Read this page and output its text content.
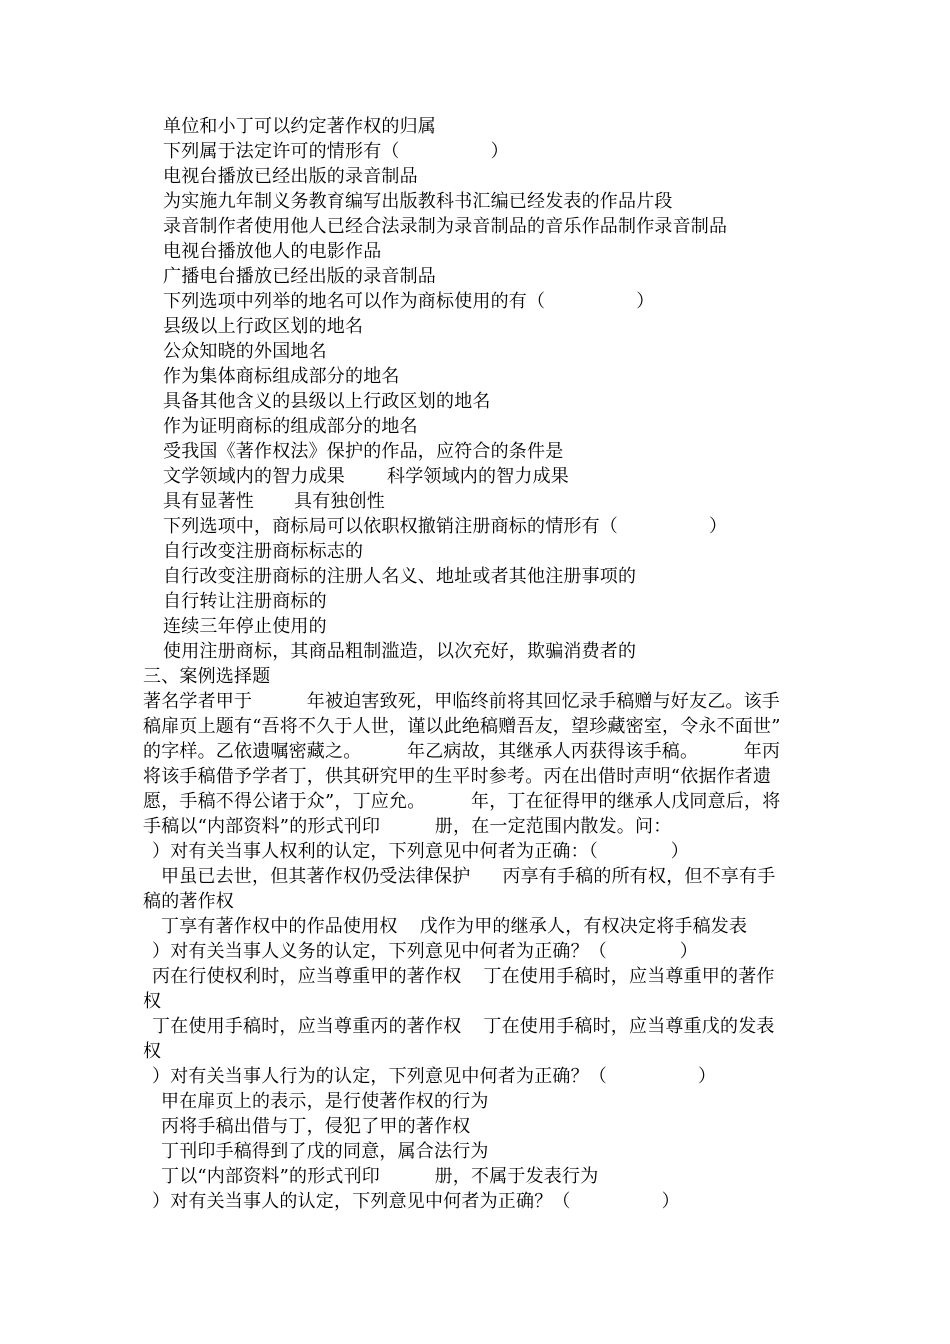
单位和小丁可以约定著作权的归属
下列属于法定许可的情形有（　　　　　）
电视台播放已经出版的录音制品
为实施九年制义务教育编写出版教科书汇编已经发表的作品片段
录音制作者使用他人已经合法录制为录音制品的音乐作品制作录音制品
电视台播放他人的电影作品
广播电台播放已经出版的录音制品
下列选项中列举的地名可以作为商标使用的有（　　　　　）
县级以上行政区划的地名
公众知晓的外国地名
作为集体商标组成部分的地名
具备其他含义的县级以上行政区划的地名
作为证明商标的组成部分的地名
受我国《著作权法》保护的作品，应符合的条件是
文学领域内的智力成果 科学领域内的智力成果
具有显著性 具有独创性
下列选项中，商标局可以依职权撤销注册商标的情形有（　　　　　）
自行改变注册商标标志的
自行改变注册商标的注册人名义、地址或者其他注册事项的
自行转让注册商标的
连续三年停止使用的
使用注册商标，其商品粗制滥造，以次充好，欺骗消费者的
三、案例选择题
著名学者甲于　　　年被迫害致死，甲临终前将其回忆录手稿赠与好友乙。该手
稿扉页上题有“吾将不久于人世，谨以此绝稿赠吾友，望珍藏密室，令永不面世”
的字样。乙依遗嘱密藏之。　　　年乙病故，其继承人丙获得该手稿。　　　年丙
将该手稿借予学者丁，供其研究甲的生平时参考。丙在出借时声明“依据作者遗
愿，手稿不得公诸于众”，丁应允。　　　年，丁在征得甲的继承人戊同意后，将
手稿以“内部资料”的形式刊印　　　册，在一定范围内散发。问：
）对有关当事人权利的认定，下列意见中何者为正确：（　　　　）
甲虽已去世，但其著作权仍受法律保护 丙享有手稿的所有权，但不享有手
稿的著作权
丁享有著作权中的作品使用权 戊作为甲的继承人，有权决定将手稿发表
）对有关当事人义务的认定，下列意见中何者为正确？（　　　　）
丙在行使权利时，应当尊重甲的著作权 丁在使用手稿时，应当尊重甲的著作
权
丁在使用手稿时，应当尊重丙的著作权 丁在使用手稿时，应当尊重戊的发表
权
）对有关当事人行为的认定，下列意见中何者为正确？（　　　　　）
甲在扉页上的表示，是行使著作权的行为
丙将手稿出借与丁，侵犯了甲的著作权
丁刊印手稿得到了戊的同意，属合法行为
丁以“内部资料”的形式刊印　　　册，不属于发表行为
）对有关当事人的认定，下列意见中何者为正确？（　　　　　）
